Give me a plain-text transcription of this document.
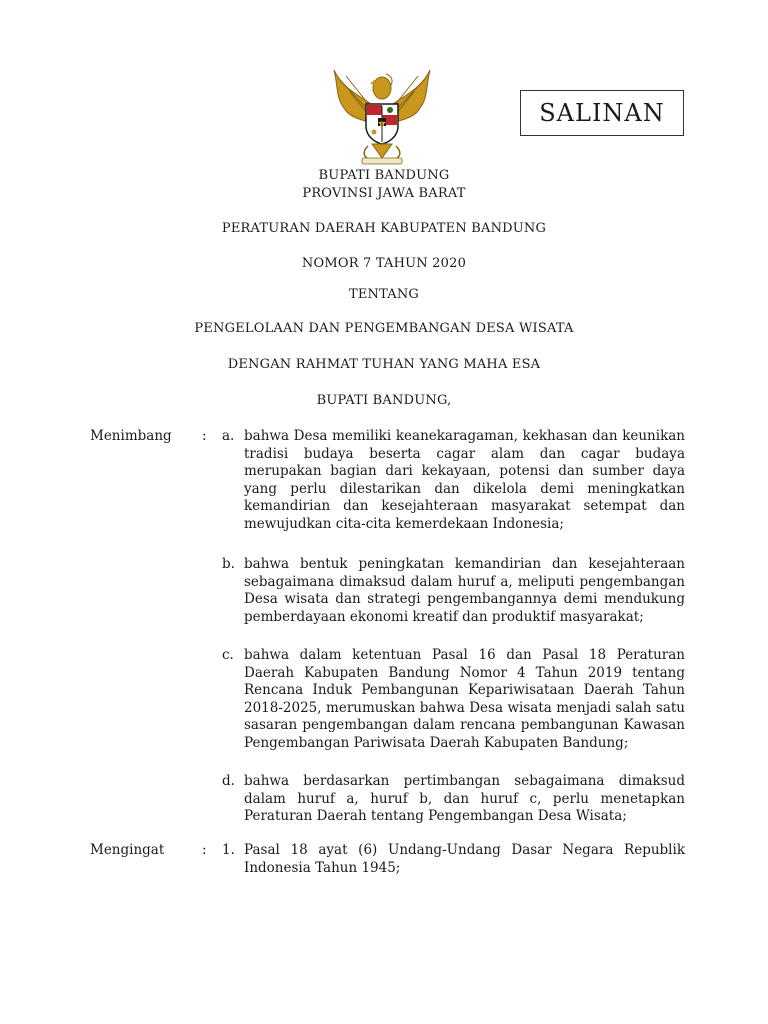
SALINAN
BUPATI BANDUNG
PROVINSI JAWA BARAT
PERATURAN DAERAH KABUPATEN BANDUNG
NOMOR 7 TAHUN 2020
TENTANG
PENGELOLAAN DAN PENGEMBANGAN DESA WISATA
DENGAN RAHMAT TUHAN YANG MAHA ESA
BUPATI BANDUNG,
Menimbang : a. bahwa Desa memiliki keanekaragaman, kekhasan dan keunikan tradisi budaya beserta cagar alam dan cagar budaya merupakan bagian dari kekayaan, potensi dan sumber daya yang perlu dilestarikan dan dikelola demi meningkatkan kemandirian dan kesejahteraan masyarakat setempat dan mewujudkan cita-cita kemerdekaan Indonesia;

b. bahwa bentuk peningkatan kemandirian dan kesejahteraan sebagaimana dimaksud dalam huruf a, meliputi pengembangan Desa wisata dan strategi pengembangannya demi mendukung pemberdayaan ekonomi kreatif dan produktif masyarakat;

c. bahwa dalam ketentuan Pasal 16 dan Pasal 18 Peraturan Daerah Kabupaten Bandung Nomor 4 Tahun 2019 tentang Rencana Induk Pembangunan Kepariwisataan Daerah Tahun 2018-2025, merumuskan bahwa Desa wisata menjadi salah satu sasaran pengembangan dalam rencana pembangunan Kawasan Pengembangan Pariwisata Daerah Kabupaten Bandung;

d. bahwa berdasarkan pertimbangan sebagaimana dimaksud dalam huruf a, huruf b, dan huruf c, perlu menetapkan Peraturan Daerah tentang Pengembangan Desa Wisata;

Mengingat	: 1. Pasal 18 ayat (6) Undang-Undang Dasar Negara Republik Indonesia Tahun 1945;
